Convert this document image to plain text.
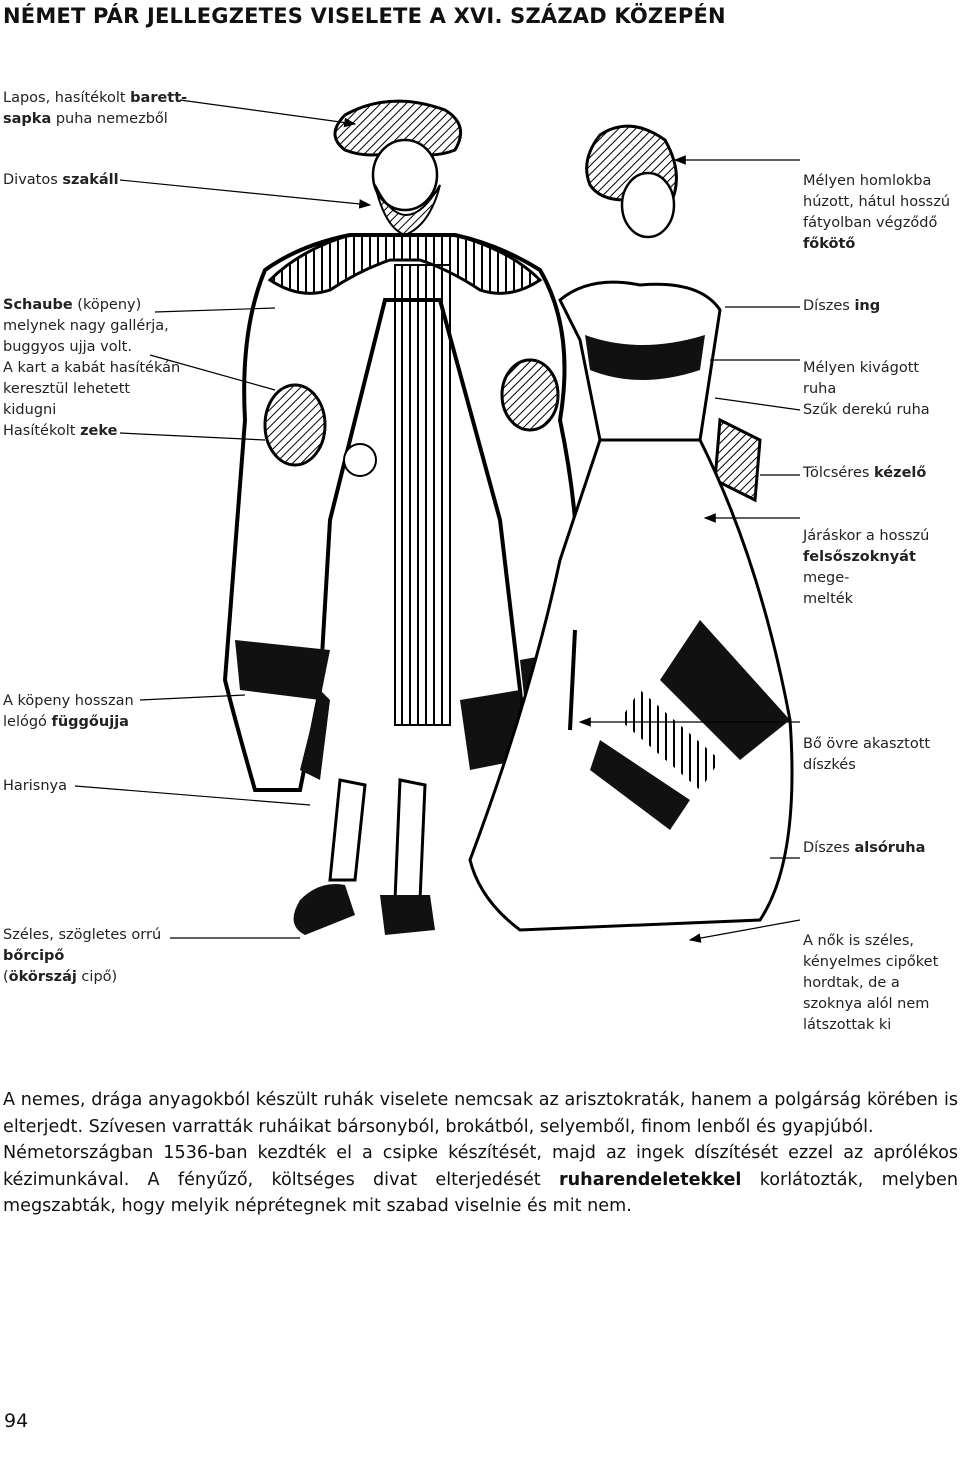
NÉMET PÁR JELLEGZETES VISELETE A XVI. SZÁZAD KÖZEPÉN
Lapos, hasítékolt barett-
sapka puha nemezből
Divatos szakáll

Schaube (köpeny)
melynek nagy gallérja,
buggyos ujja volt.
A kart a kabát hasítékán
keresztül lehetett
kidugni

Hasítékolt zeke

A köpeny hosszan
lelógó függőujja

Harisnya

Széles, szögletes orrú
bőrcipő
(ökörszáj cipő)

Mélyen homlokba
húzott, hátul hosszú
fátyolban végződő
főkötő

Díszes ing

Mélyen kivágott
ruha

Szűk derekú ruha
Tölcséres kézelő

Járáskor a hosszú
felsőszoknyát mege-
melték

Bő övre akasztott
díszkés

Díszes alsóruha

A nők is széles,
kényelmes cipőket
hordtak, de a
szoknya alól nem
látszottak ki

A nemes, drága anyagokból készült ruhák viselete nemcsak az arisztokraták, hanem a polgárság körében is elterjedt. Szívesen varratták ruháikat bársonyból, brokátból, selyemből, finom lenből és gyapjúból.

Németországban 1536-ban kezdték el a csipke készítését, majd az ingek díszítését ezzel az aprólékos kézimunkával. A fényűző, költséges divat elterjedését ruharendeletekkel korlátozták, melyben megszabták, hogy melyik néprétegnek mit szabad viselnie és mit nem.

94
